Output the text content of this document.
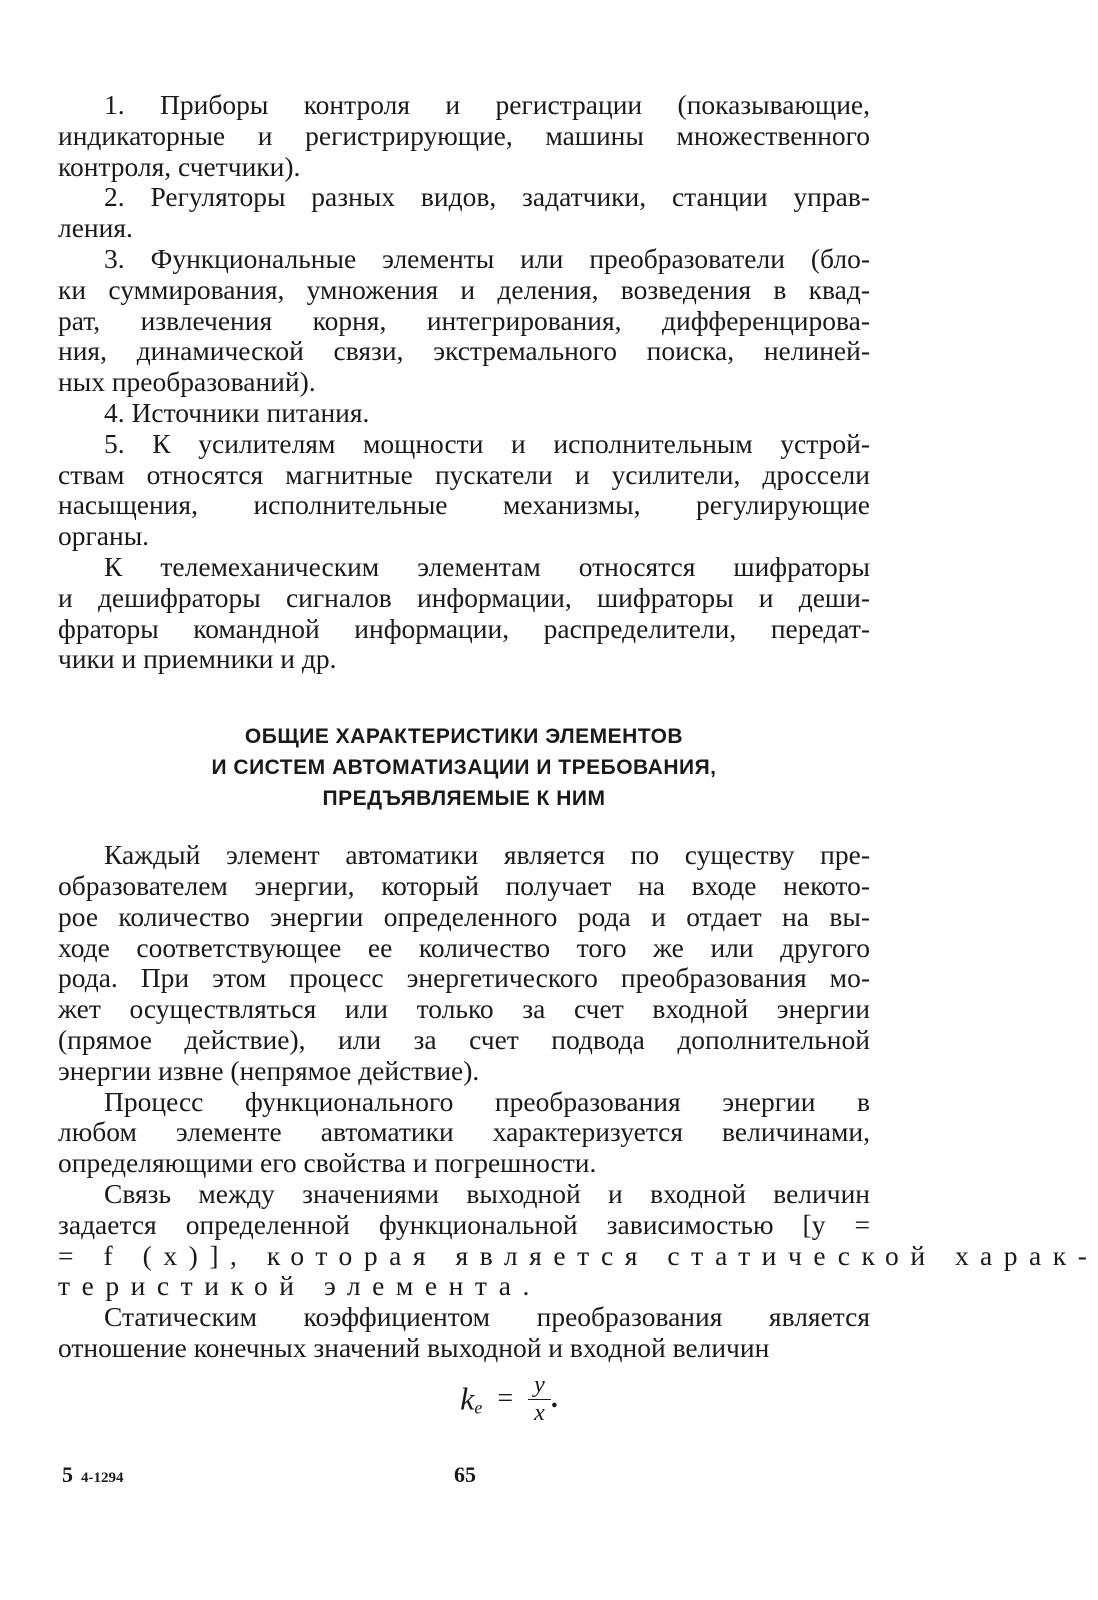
1. Приборы контроля и регистрации (показывающие,
индикаторные и регистрирующие, машины множественного
контроля, счетчики).
2. Регуляторы разных видов, задатчики, станции управ-
ления.
3. Функциональные элементы или преобразователи (бло-
ки суммирования, умножения и деления, возведения в квад-
рат, извлечения корня, интегрирования, дифференцирова-
ния, динамической связи, экстремального поиска, нелиней-
ных преобразований).
4. Источники питания.
5. К усилителям мощности и исполнительным устрой-
ствам относятся магнитные пускатели и усилители, дроссели
насыщения, исполнительные механизмы, регулирующие
органы.
К телемеханическим элементам относятся шифраторы
и дешифраторы сигналов информации, шифраторы и деши-
фраторы командной информации, распределители, передат-
чики и приемники и др.
ОБЩИЕ ХАРАКТЕРИСТИКИ ЭЛЕМЕНТОВ
И СИСТЕМ АВТОМАТИЗАЦИИ И ТРЕБОВАНИЯ,
ПРЕДЪЯВЛЯЕМЫЕ К НИМ
Каждый элемент автоматики является по существу пре-
образователем энергии, который получает на входе некото-
рое количество энергии определенного рода и отдает на вы-
ходе соответствующее ее количество того же или другого
рода. При этом процесс энергетического преобразования мо-
жет осуществляться или только за счет входной энергии
(прямое действие), или за счет подвода дополнительной
энергии извне (непрямое действие).
Процесс функционального преобразования энергии в
любом элементе автоматики характеризуется величинами,
определяющими его свойства и погрешности.
Связь между значениями выходной и входной величин
задается определенной функциональной зависимостью [y =
= f (x)], которая является статической харак-
теристикой элемента.
Статическим коэффициентом преобразования является
отношение конечных значений выходной и входной величин
$k_e = \frac{y}{x}$ .
5 4-1294	65
